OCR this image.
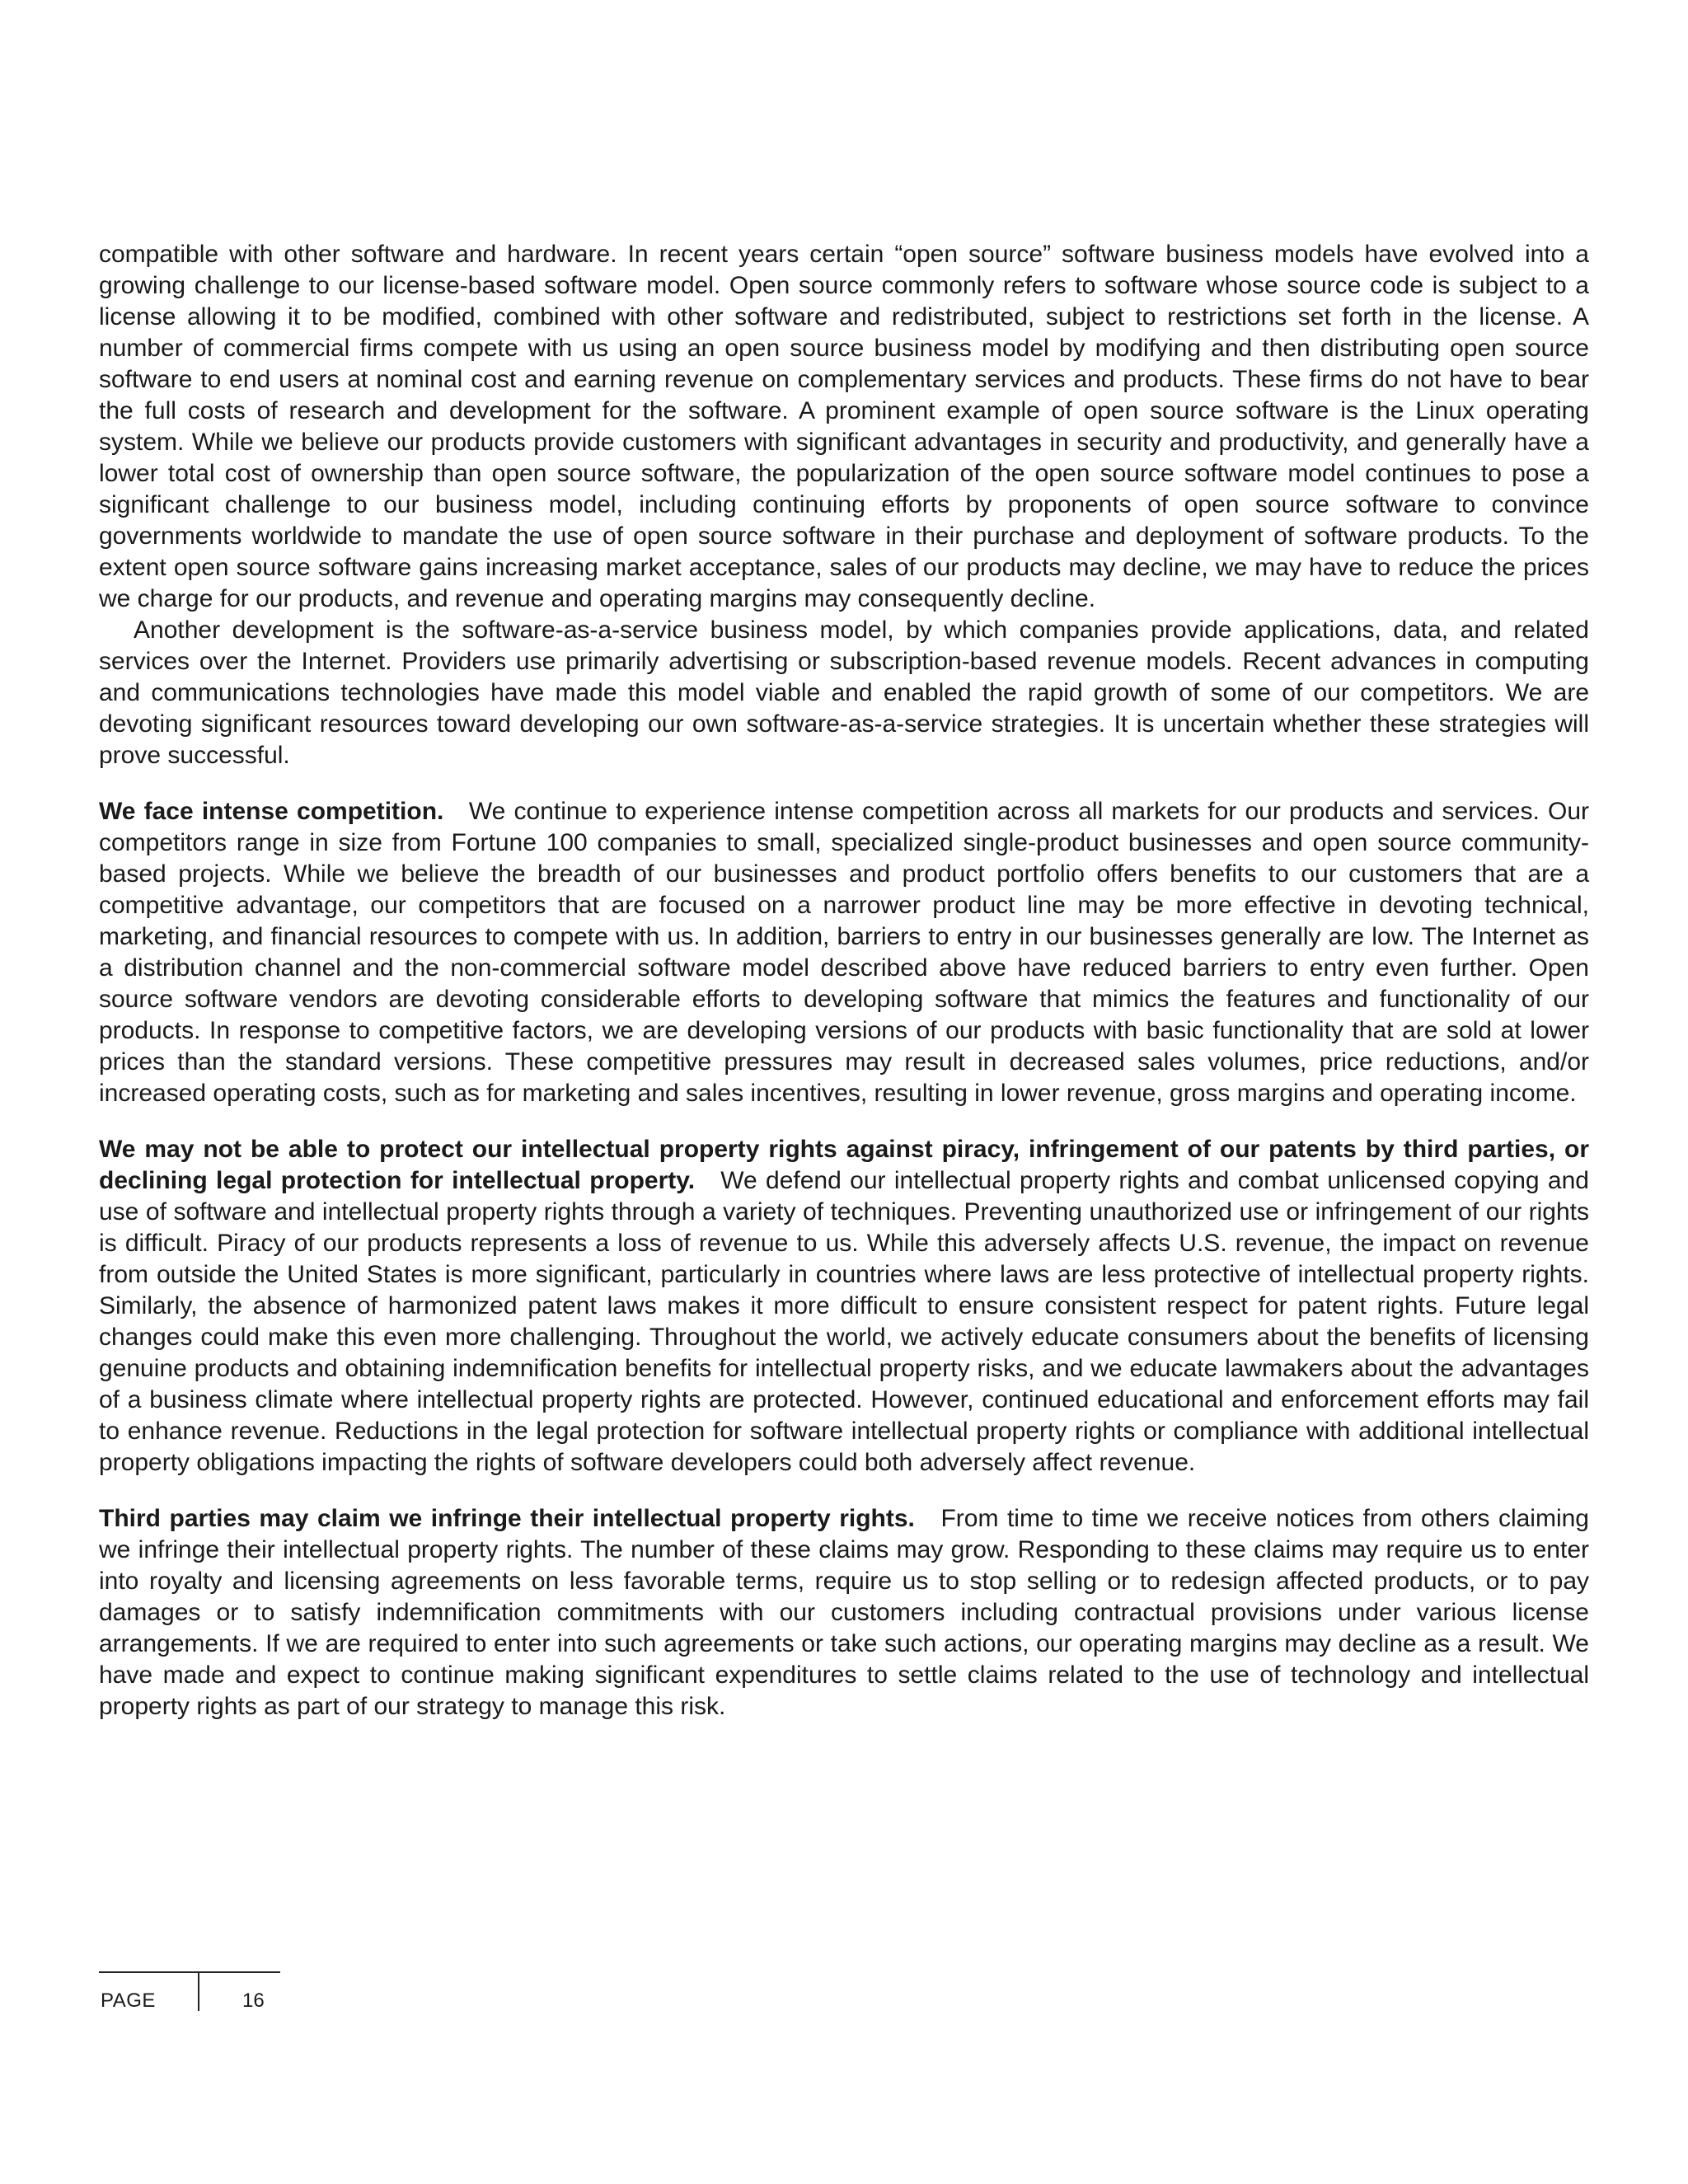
compatible with other software and hardware. In recent years certain “open source” software business models have evolved into a growing challenge to our license-based software model. Open source commonly refers to software whose source code is subject to a license allowing it to be modified, combined with other software and redistributed, subject to restrictions set forth in the license. A number of commercial firms compete with us using an open source business model by modifying and then distributing open source software to end users at nominal cost and earning revenue on complementary services and products. These firms do not have to bear the full costs of research and development for the software. A prominent example of open source software is the Linux operating system. While we believe our products provide customers with significant advantages in security and productivity, and generally have a lower total cost of ownership than open source software, the popularization of the open source software model continues to pose a significant challenge to our business model, including continuing efforts by proponents of open source software to convince governments worldwide to mandate the use of open source software in their purchase and deployment of software products. To the extent open source software gains increasing market acceptance, sales of our products may decline, we may have to reduce the prices we charge for our products, and revenue and operating margins may consequently decline.

Another development is the software-as-a-service business model, by which companies provide applications, data, and related services over the Internet. Providers use primarily advertising or subscription-based revenue models. Recent advances in computing and communications technologies have made this model viable and enabled the rapid growth of some of our competitors. We are devoting significant resources toward developing our own software-as-a-service strategies. It is uncertain whether these strategies will prove successful.

We face intense competition. We continue to experience intense competition across all markets for our products and services. Our competitors range in size from Fortune 100 companies to small, specialized single-product businesses and open source community-based projects. While we believe the breadth of our businesses and product portfolio offers benefits to our customers that are a competitive advantage, our competitors that are focused on a narrower product line may be more effective in devoting technical, marketing, and financial resources to compete with us. In addition, barriers to entry in our businesses generally are low. The Internet as a distribution channel and the non-commercial software model described above have reduced barriers to entry even further. Open source software vendors are devoting considerable efforts to developing software that mimics the features and functionality of our products. In response to competitive factors, we are developing versions of our products with basic functionality that are sold at lower prices than the standard versions. These competitive pressures may result in decreased sales volumes, price reductions, and/or increased operating costs, such as for marketing and sales incentives, resulting in lower revenue, gross margins and operating income.

We may not be able to protect our intellectual property rights against piracy, infringement of our patents by third parties, or declining legal protection for intellectual property. We defend our intellectual property rights and combat unlicensed copying and use of software and intellectual property rights through a variety of techniques. Preventing unauthorized use or infringement of our rights is difficult. Piracy of our products represents a loss of revenue to us. While this adversely affects U.S. revenue, the impact on revenue from outside the United States is more significant, particularly in countries where laws are less protective of intellectual property rights. Similarly, the absence of harmonized patent laws makes it more difficult to ensure consistent respect for patent rights. Future legal changes could make this even more challenging. Throughout the world, we actively educate consumers about the benefits of licensing genuine products and obtaining indemnification benefits for intellectual property risks, and we educate lawmakers about the advantages of a business climate where intellectual property rights are protected. However, continued educational and enforcement efforts may fail to enhance revenue. Reductions in the legal protection for software intellectual property rights or compliance with additional intellectual property obligations impacting the rights of software developers could both adversely affect revenue.

Third parties may claim we infringe their intellectual property rights. From time to time we receive notices from others claiming we infringe their intellectual property rights. The number of these claims may grow. Responding to these claims may require us to enter into royalty and licensing agreements on less favorable terms, require us to stop selling or to redesign affected products, or to pay damages or to satisfy indemnification commitments with our customers including contractual provisions under various license arrangements. If we are required to enter into such agreements or take such actions, our operating margins may decline as a result. We have made and expect to continue making significant expenditures to settle claims related to the use of technology and intellectual property rights as part of our strategy to manage this risk.

PAGE	16
